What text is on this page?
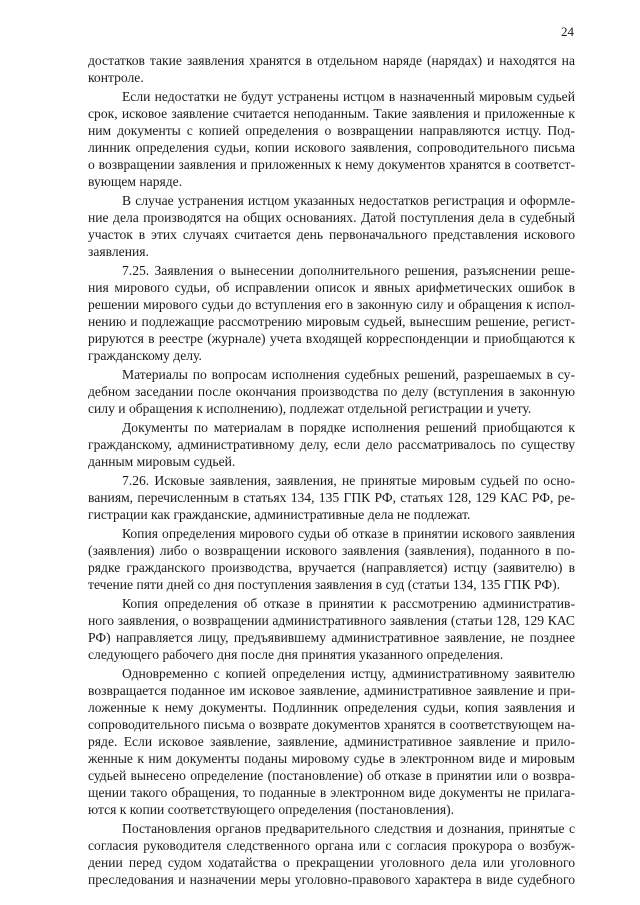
24
достатков такие заявления хранятся в отдельном наряде (нарядах) и находятся на
контроле.
Если недостатки не будут устранены истцом в назначенный мировым судьей
срок, исковое заявление считается неподанным. Такие заявления и приложенные к
ним документы с копией определения о возвращении направляются истцу. Под-
линник определения судьи, копии искового заявления, сопроводительного письма
о возвращении заявления и приложенных к нему документов хранятся в соответст-
вующем наряде.
В случае устранения истцом указанных недостатков регистрация и оформле-
ние дела производятся на общих основаниях. Датой поступления дела в судебный
участок в этих случаях считается день первоначального представления искового
заявления.
7.25. Заявления о вынесении дополнительного решения, разъяснении реше-
ния мирового судьи, об исправлении описок и явных арифметических ошибок в
решении мирового судьи до вступления его в законную силу и обращения к испол-
нению и подлежащие рассмотрению мировым судьей, вынесшим решение, регист-
рируются в реестре (журнале) учета входящей корреспонденции и приобщаются к
гражданскому делу.
Материалы по вопросам исполнения судебных решений, разрешаемых в су-
дебном заседании после окончания производства по делу (вступления в законную
силу и обращения к исполнению), подлежат отдельной регистрации и учету.
Документы по материалам в порядке исполнения решений приобщаются к
гражданскому, административному делу, если дело рассматривалось по существу
данным мировым судьей.
7.26. Исковые заявления, заявления, не принятые мировым судьей по осно-
ваниям, перечисленным в статьях 134, 135 ГПК РФ, статьях 128, 129 КАС РФ, ре-
гистрации как гражданские, административные дела не подлежат.
Копия определения мирового судьи об отказе в принятии искового заявления
(заявления) либо о возвращении искового заявления (заявления), поданного в по-
рядке гражданского производства, вручается (направляется) истцу (заявителю) в
течение пяти дней со дня поступления заявления в суд (статьи 134, 135 ГПК РФ).
Копия определения об отказе в принятии к рассмотрению административ-
ного заявления, о возвращении административного заявления (статьи 128, 129 КАС
РФ) направляется лицу, предъявившему административное заявление, не позднее
следующего рабочего дня после дня принятия указанного определения.
Одновременно с копией определения истцу, административному заявителю
возвращается поданное им исковое заявление, административное заявление и при-
ложенные к нему документы. Подлинник определения судьи, копия заявления и
сопроводительного письма о возврате документов хранятся в соответствующем на-
ряде. Если исковое заявление, заявление, административное заявление и прило-
женные к ним документы поданы мировому судье в электронном виде и мировым
судьей вынесено определение (постановление) об отказе в принятии или о возвра-
щении такого обращения, то поданные в электронном виде документы не прилага-
ются к копии соответствующего определения (постановления).
Постановления органов предварительного следствия и дознания, принятые с
согласия руководителя следственного органа или с согласия прокурора о возбуж-
дении перед судом ходатайства о прекращении уголовного дела или уголовного
преследования и назначении меры уголовно-правового характера в виде судебного
